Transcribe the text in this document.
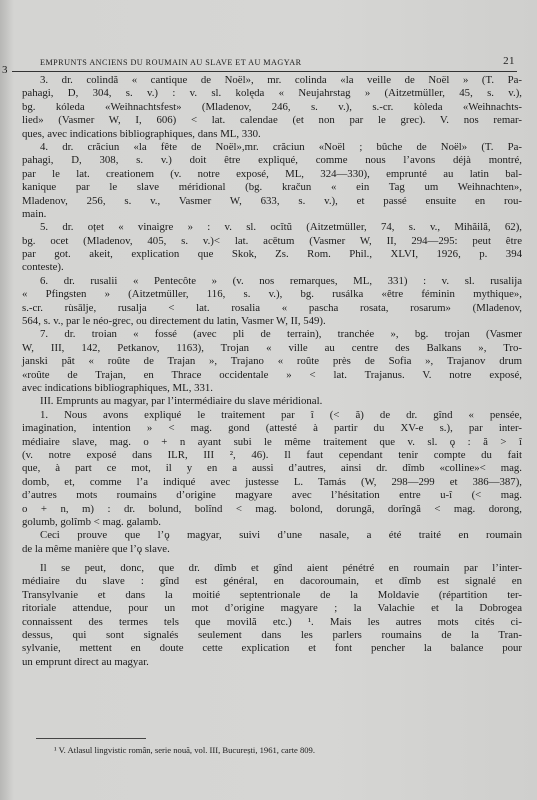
3
EMPRUNTS ANCIENS DU ROUMAIN AU SLAVE ET AU MAGYAR	21

3. dr. colindă « cantique de Noël», mr. colinda «la veille de Noël » (T. Pa-
pahagi, D, 304, s. v.) : v. sl. kolęda « Neujahrstag » (Aitzetmüller, 45, s. v.),
bg. kóleda «Weihnachtsfest» (Mladenov, 246, s. v.), s.-cr. kòleda «Weihnachts-
lied» (Vasmer W, I, 606) < lat. calendae (et non par le grec). V. nos remar-
ques, avec indications bibliographiques, dans ML, 330.

4. dr. crăciun «la fête de Noël»,mr. crăciun «Noël ; bûche de Noël» (T. Pa-
pahagi, D, 308, s. v.) doit être expliqué, comme nous l’avons déjà montré,
par le lat. creationem (v. notre exposé, ML, 324—330), emprunté au latin bal-
kanique par le slave méridional (bg. kračun « ein Tag um Weihnachten»,
Mladenov, 256, s. v., Vasmer W, 633, s. v.), et passé ensuite en rou-
main.

5. dr. oțet « vinaigre » : v. sl. ocĭtŭ (Aitzetmüller, 74, s. v., Mihăilă, 62),
bg. ocet (Mladenov, 405, s. v.)< lat. acētum (Vasmer W, II, 294—295: peut être
par got. akeit, explication que Skok, Zs. Rom. Phil., XLVI, 1926, p. 394
conteste).

6. dr. rusalii « Pentecôte » (v. nos remarques, ML, 331) : v. sl. rusalija
« Pfingsten » (Aitzetmüller, 116, s. v.), bg. rusálka «être féminin mythique»,
s.-cr. rùsālje, rusalja < lat. rosalia « pascha rosata, rosarum» (Mladenov,
564, s. v., par le néo-grec, ou directement du latin, Vasmer W, II, 549).

7. dr. troian « fossé (avec pli de terrain), tranchée », bg. trojan (Vasmer
W, III, 142, Petkanov, 1163), Trojan « ville au centre des Balkans », Tro-
janski păt « roûte de Trajan », Trajano « roûte près de Sofia », Trajanov drum
«roûte de Trajan, en Thrace occidentale » < lat. Trajanus. V. notre exposé,
avec indications bibliographiques, ML, 331.

III. Emprunts au magyar, par l’intermédiaire du slave méridional.

1. Nous avons expliqué le traitement par î (< ă) de dr. gînd « pensée,
imagination, intention » < mag. gond (attesté à partir du XV-e s.), par inter-
médiaire slave, mag. o + n ayant subi le même traitement que v. sl. ǫ : ă > î
(v. notre exposé dans ILR, III ², 46). Il faut cependant tenir compte du fait
que, à part ce mot, il y en a aussi d’autres, ainsi dr. dîmb «colline»< mag.
domb, et, comme l’a indiqué avec justesse L. Tamás (W, 298—299 et 386—387),
d’autres mots roumains d’origine magyare avec l’hésitation entre u-î (< mag.
o + n, m) : dr. bolund, bolînd < mag. bolond, dorungă, dorîngă < mag. dorong,
golumb, golîmb < mag. galamb.

Ceci prouve que l’ǫ magyar, suivi d’une nasale, a été traité en roumain
de la même manière que l’ǫ slave.

Il se peut, donc, que dr. dîmb et gînd aient pénétré en roumain par l’inter-
médiaire du slave : gînd est général, en dacoroumain, et dîmb est signalé en
Transylvanie et dans la moitié septentrionale de la Moldavie (répartition ter-
ritoriale attendue, pour un mot d’origine magyare ; la Valachie et la Dobrogea
connaissent des termes tels que movilă etc.) ¹. Mais les autres mots cités ci-
dessus, qui sont signalés seulement dans les parlers roumains de la Tran-
sylvanie, mettent en doute cette explication et font pencher la balance pour
un emprunt direct au magyar.

¹ V. Atlasul lingvistic român, serie nouă, vol. III, București, 1961, carte 809.
